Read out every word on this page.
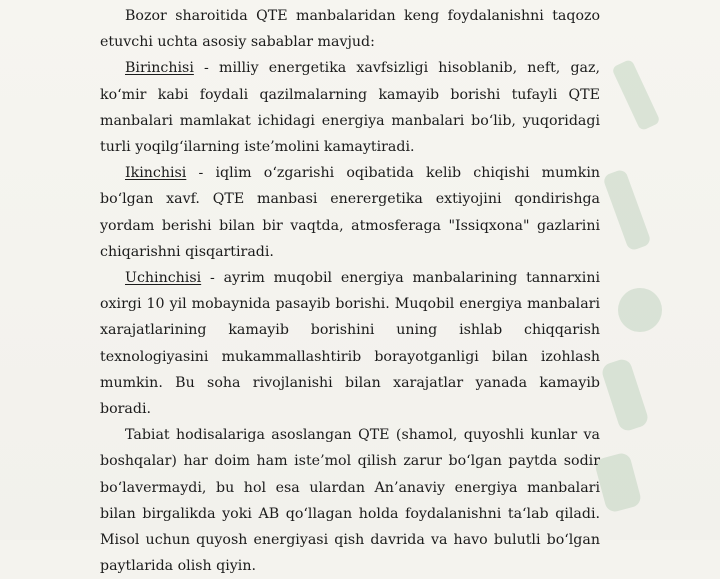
Bozor sharoitida QTE manbalaridan keng foydalanishni taqozo etuvchi uchta asosiy sabablar mavjud:

Birinchisi - milliy energetika xavfsizligi hisoblanib, neft, gaz, ko‘mir kabi foydali qazilmalarning kamayib borishi tufayli QTE manbalari mamlakat ichidagi energiya manbalari bo‘lib, yuqoridagi turli yoqilg‘ilarning iste’molini kamaytiradi.

Ikinchisi - iqlim o‘zgarishi oqibatida kelib chiqishi mumkin bo‘lgan xavf. QTE manbasi enerergetika extiyojini qondirishga yordam berishi bilan bir vaqtda, atmosferaga "Issiqxona" gazlarini chiqarishni qisqartiradi.

Uchinchisi - ayrim muqobil energiya manbalarining tannarxini oxirgi 10 yil mobaynida pasayib borishi. Muqobil energiya manbalari xarajatlarining kamayib borishini uning ishlab chiqqarish texnologiyasini mukammallashtirib borayotganligi bilan izohlash mumkin. Bu soha rivojlanishi bilan xarajatlar yanada kamayib boradi.

Tabiat hodisalariga asoslangan QTE (shamol, quyoshli kunlar va boshqalar) har doim ham iste’mol qilish zarur bo‘lgan paytda sodir bo‘lavermaydi, bu hol esa ulardan An’anaviy energiya manbalari bilan birgalikda yoki AB qo‘llagan holda foydalanishni ta‘lab qiladi. Misol uchun quyosh energiyasi qish davrida va havo bulutli bo‘lgan paytlarida olish qiyin.
